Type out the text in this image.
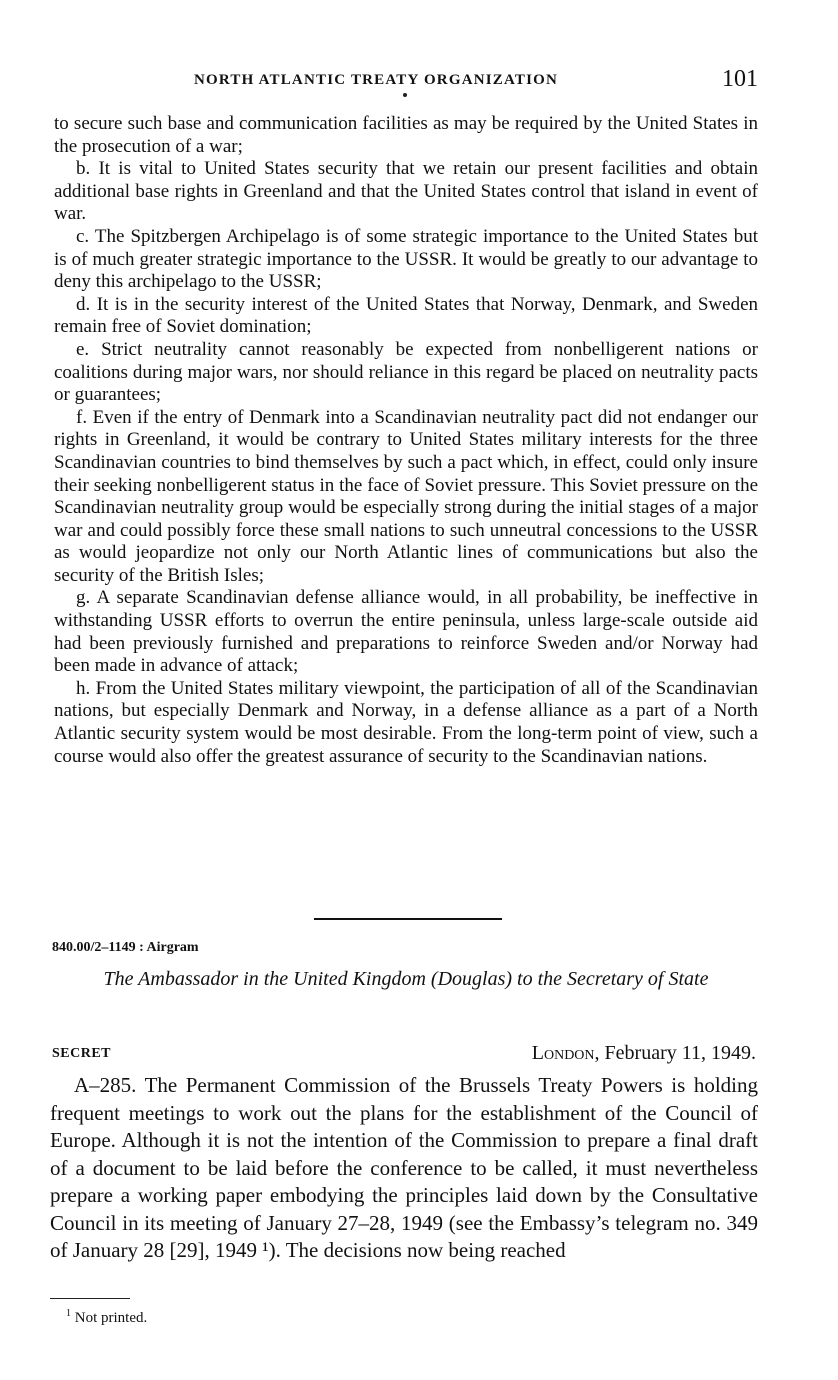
NORTH ATLANTIC TREATY ORGANIZATION	101

to secure such base and communication facilities as may be required by the United States in the prosecution of a war;

b. It is vital to United States security that we retain our present facilities and obtain additional base rights in Greenland and that the United States control that island in event of war.

c. The Spitzbergen Archipelago is of some strategic importance to the United States but is of much greater strategic importance to the USSR. It would be greatly to our advantage to deny this archipelago to the USSR;

d. It is in the security interest of the United States that Norway, Denmark, and Sweden remain free of Soviet domination;

e. Strict neutrality cannot reasonably be expected from nonbelligerent nations or coalitions during major wars, nor should reliance in this regard be placed on neutrality pacts or guarantees;

f. Even if the entry of Denmark into a Scandinavian neutrality pact did not endanger our rights in Greenland, it would be contrary to United States military interests for the three Scandinavian countries to bind themselves by such a pact which, in effect, could only insure their seeking nonbelligerent status in the face of Soviet pressure. This Soviet pressure on the Scandinavian neutrality group would be especially strong during the initial stages of a major war and could possibly force these small nations to such unneutral concessions to the USSR as would jeopardize not only our North Atlantic lines of communications but also the security of the British Isles;

g. A separate Scandinavian defense alliance would, in all probability, be ineffective in withstanding USSR efforts to overrun the entire peninsula, unless large-scale outside aid had been previously furnished and preparations to reinforce Sweden and/or Norway had been made in advance of attack;

h. From the United States military viewpoint, the participation of all of the Scandinavian nations, but especially Denmark and Norway, in a defense alliance as a part of a North Atlantic security system would be most desirable. From the long-term point of view, such a course would also offer the greatest assurance of security to the Scandinavian nations.

840.00/2–1149 : Airgram
The Ambassador in the United Kingdom (Douglas) to the Secretary of State
SECRET	London, February 11, 1949.

A–285. The Permanent Commission of the Brussels Treaty Powers is holding frequent meetings to work out the plans for the establishment of the Council of Europe. Although it is not the intention of the Commission to prepare a final draft of a document to be laid before the conference to be called, it must nevertheless prepare a working paper embodying the principles laid down by the Consultative Council in its meeting of January 27–28, 1949 (see the Embassy’s telegram no. 349 of January 28 [29], 1949 ¹). The decisions now being reached

$^1$ Not printed.
